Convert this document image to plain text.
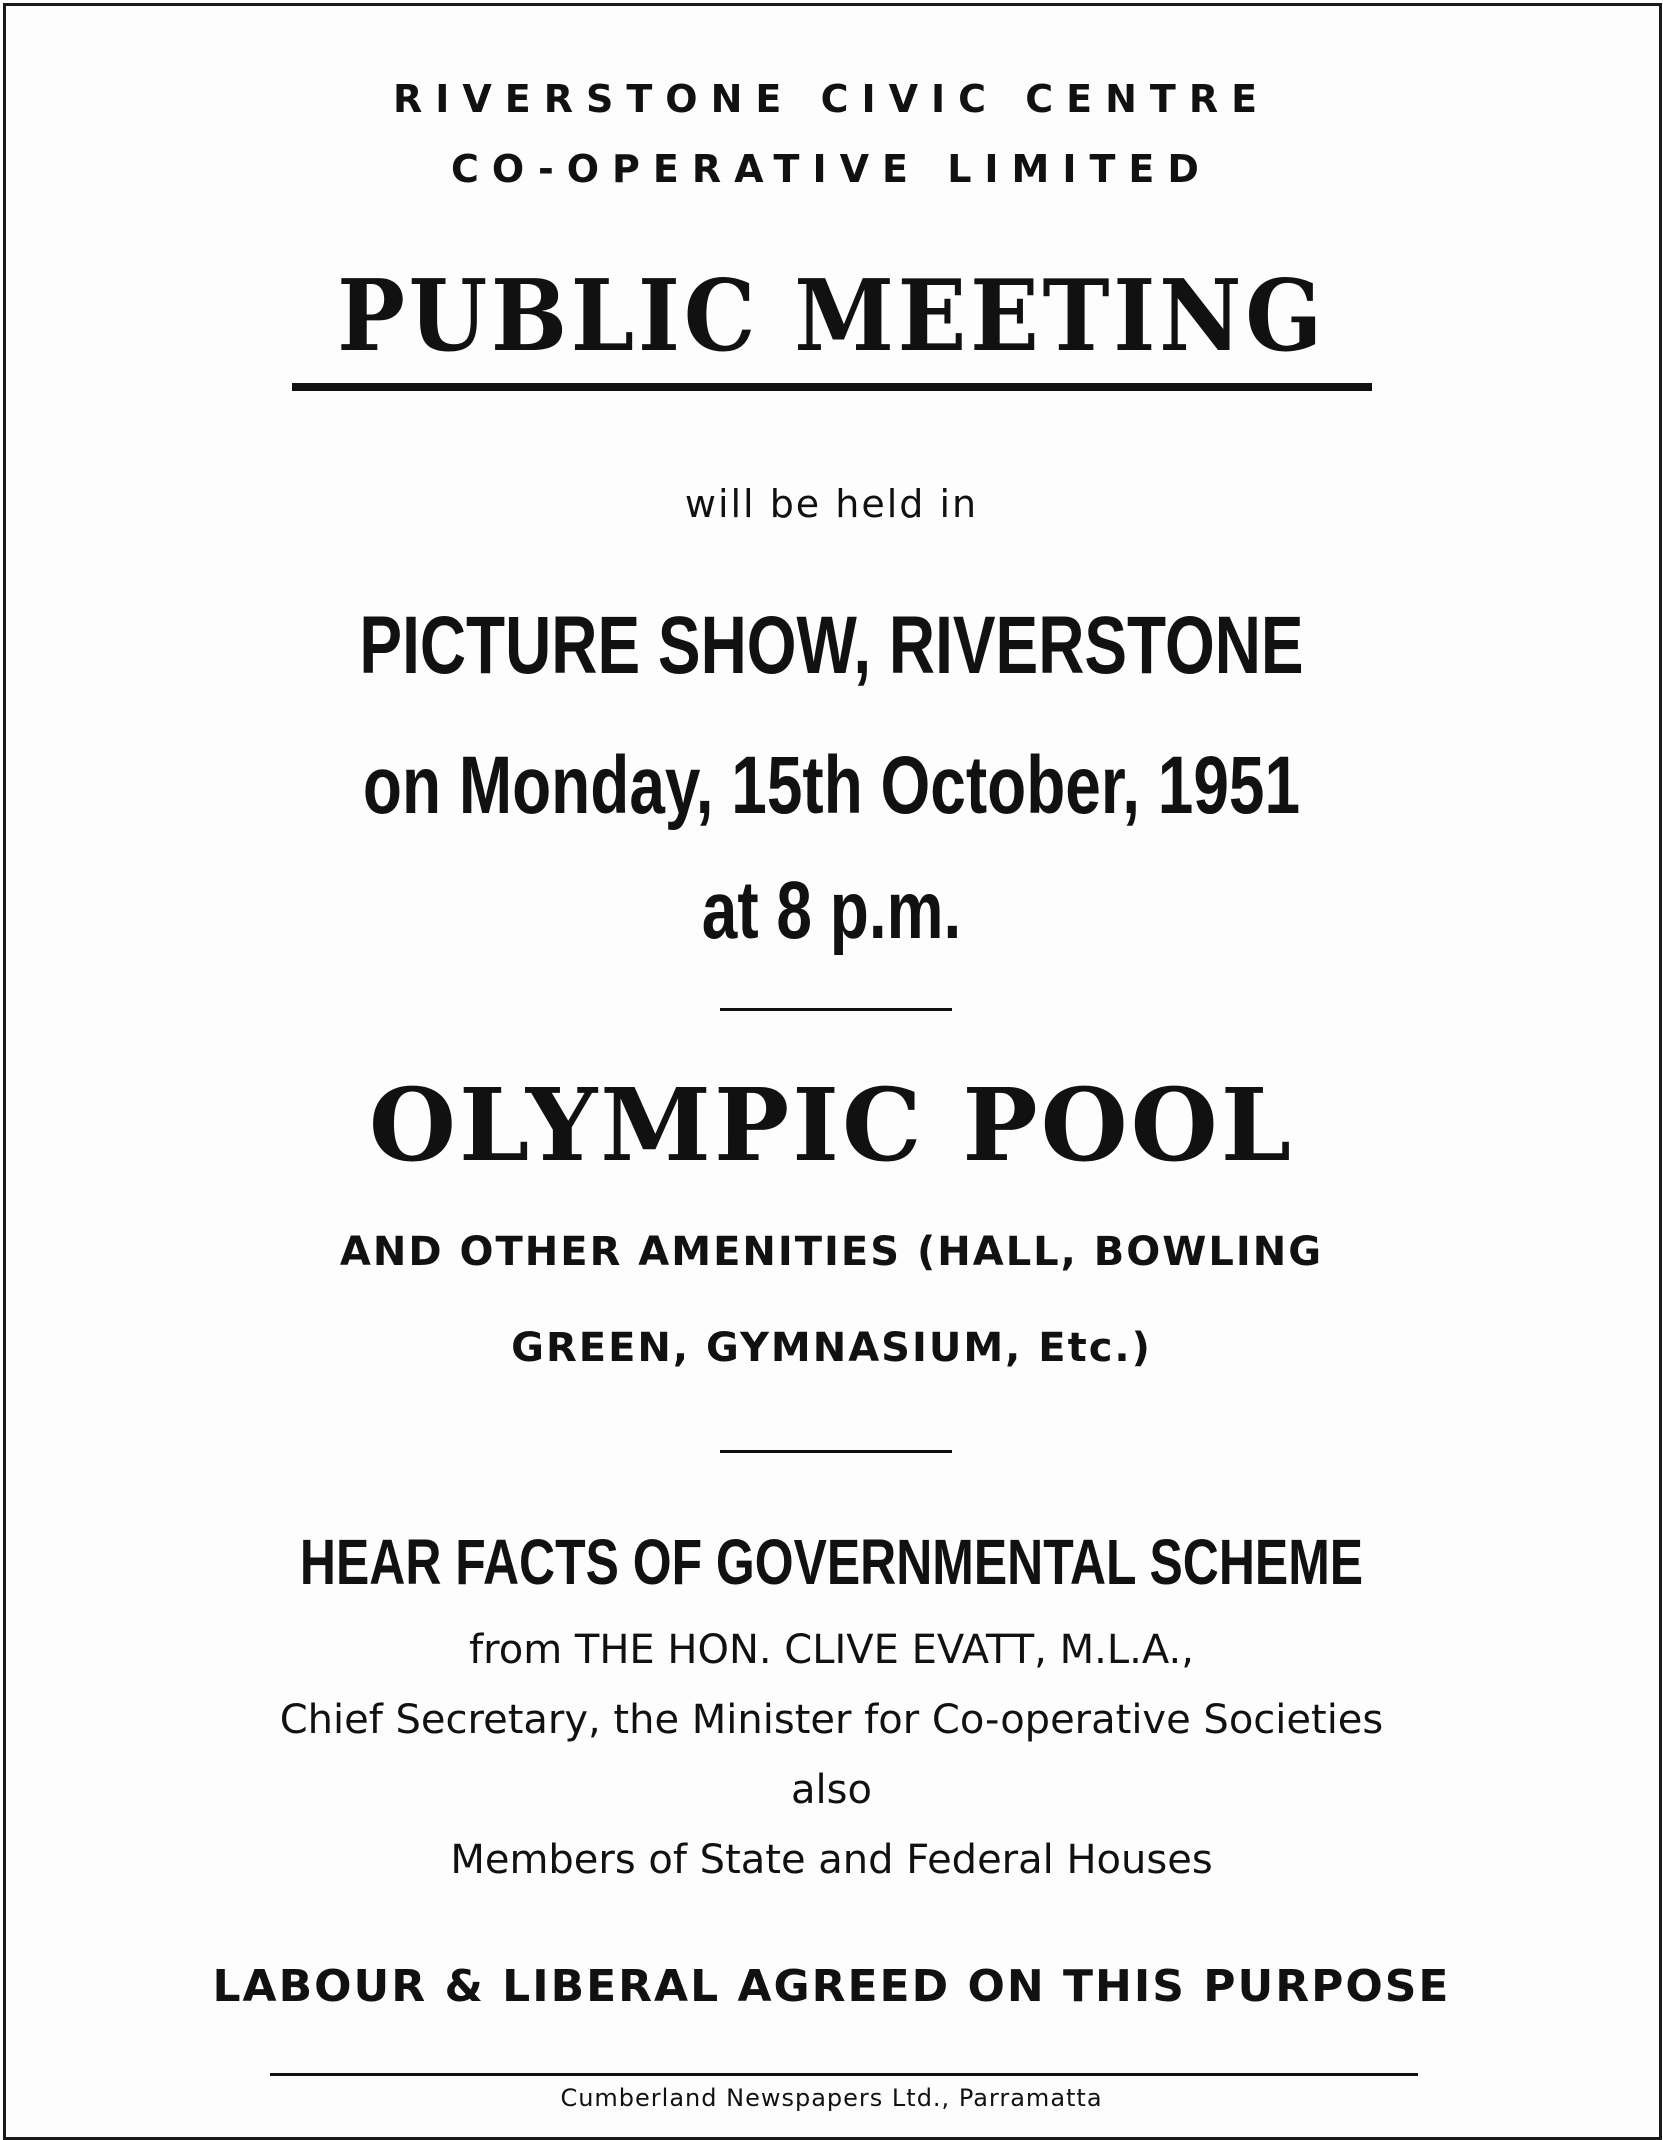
RIVERSTONE CIVIC CENTRE
CO-OPERATIVE LIMITED
PUBLIC MEETING
will be held in
PICTURE SHOW, RIVERSTONE
on Monday, 15th October, 1951
at 8 p.m.
OLYMPIC POOL
AND OTHER AMENITIES (HALL, BOWLING
GREEN, GYMNASIUM, Etc.)
HEAR FACTS OF GOVERNMENTAL SCHEME
from THE HON. CLIVE EVATT, M.L.A.,
Chief Secretary, the Minister for Co-operative Societies
also
Members of State and Federal Houses
LABOUR & LIBERAL AGREED ON THIS PURPOSE
Cumberland Newspapers Ltd., Parramatta
